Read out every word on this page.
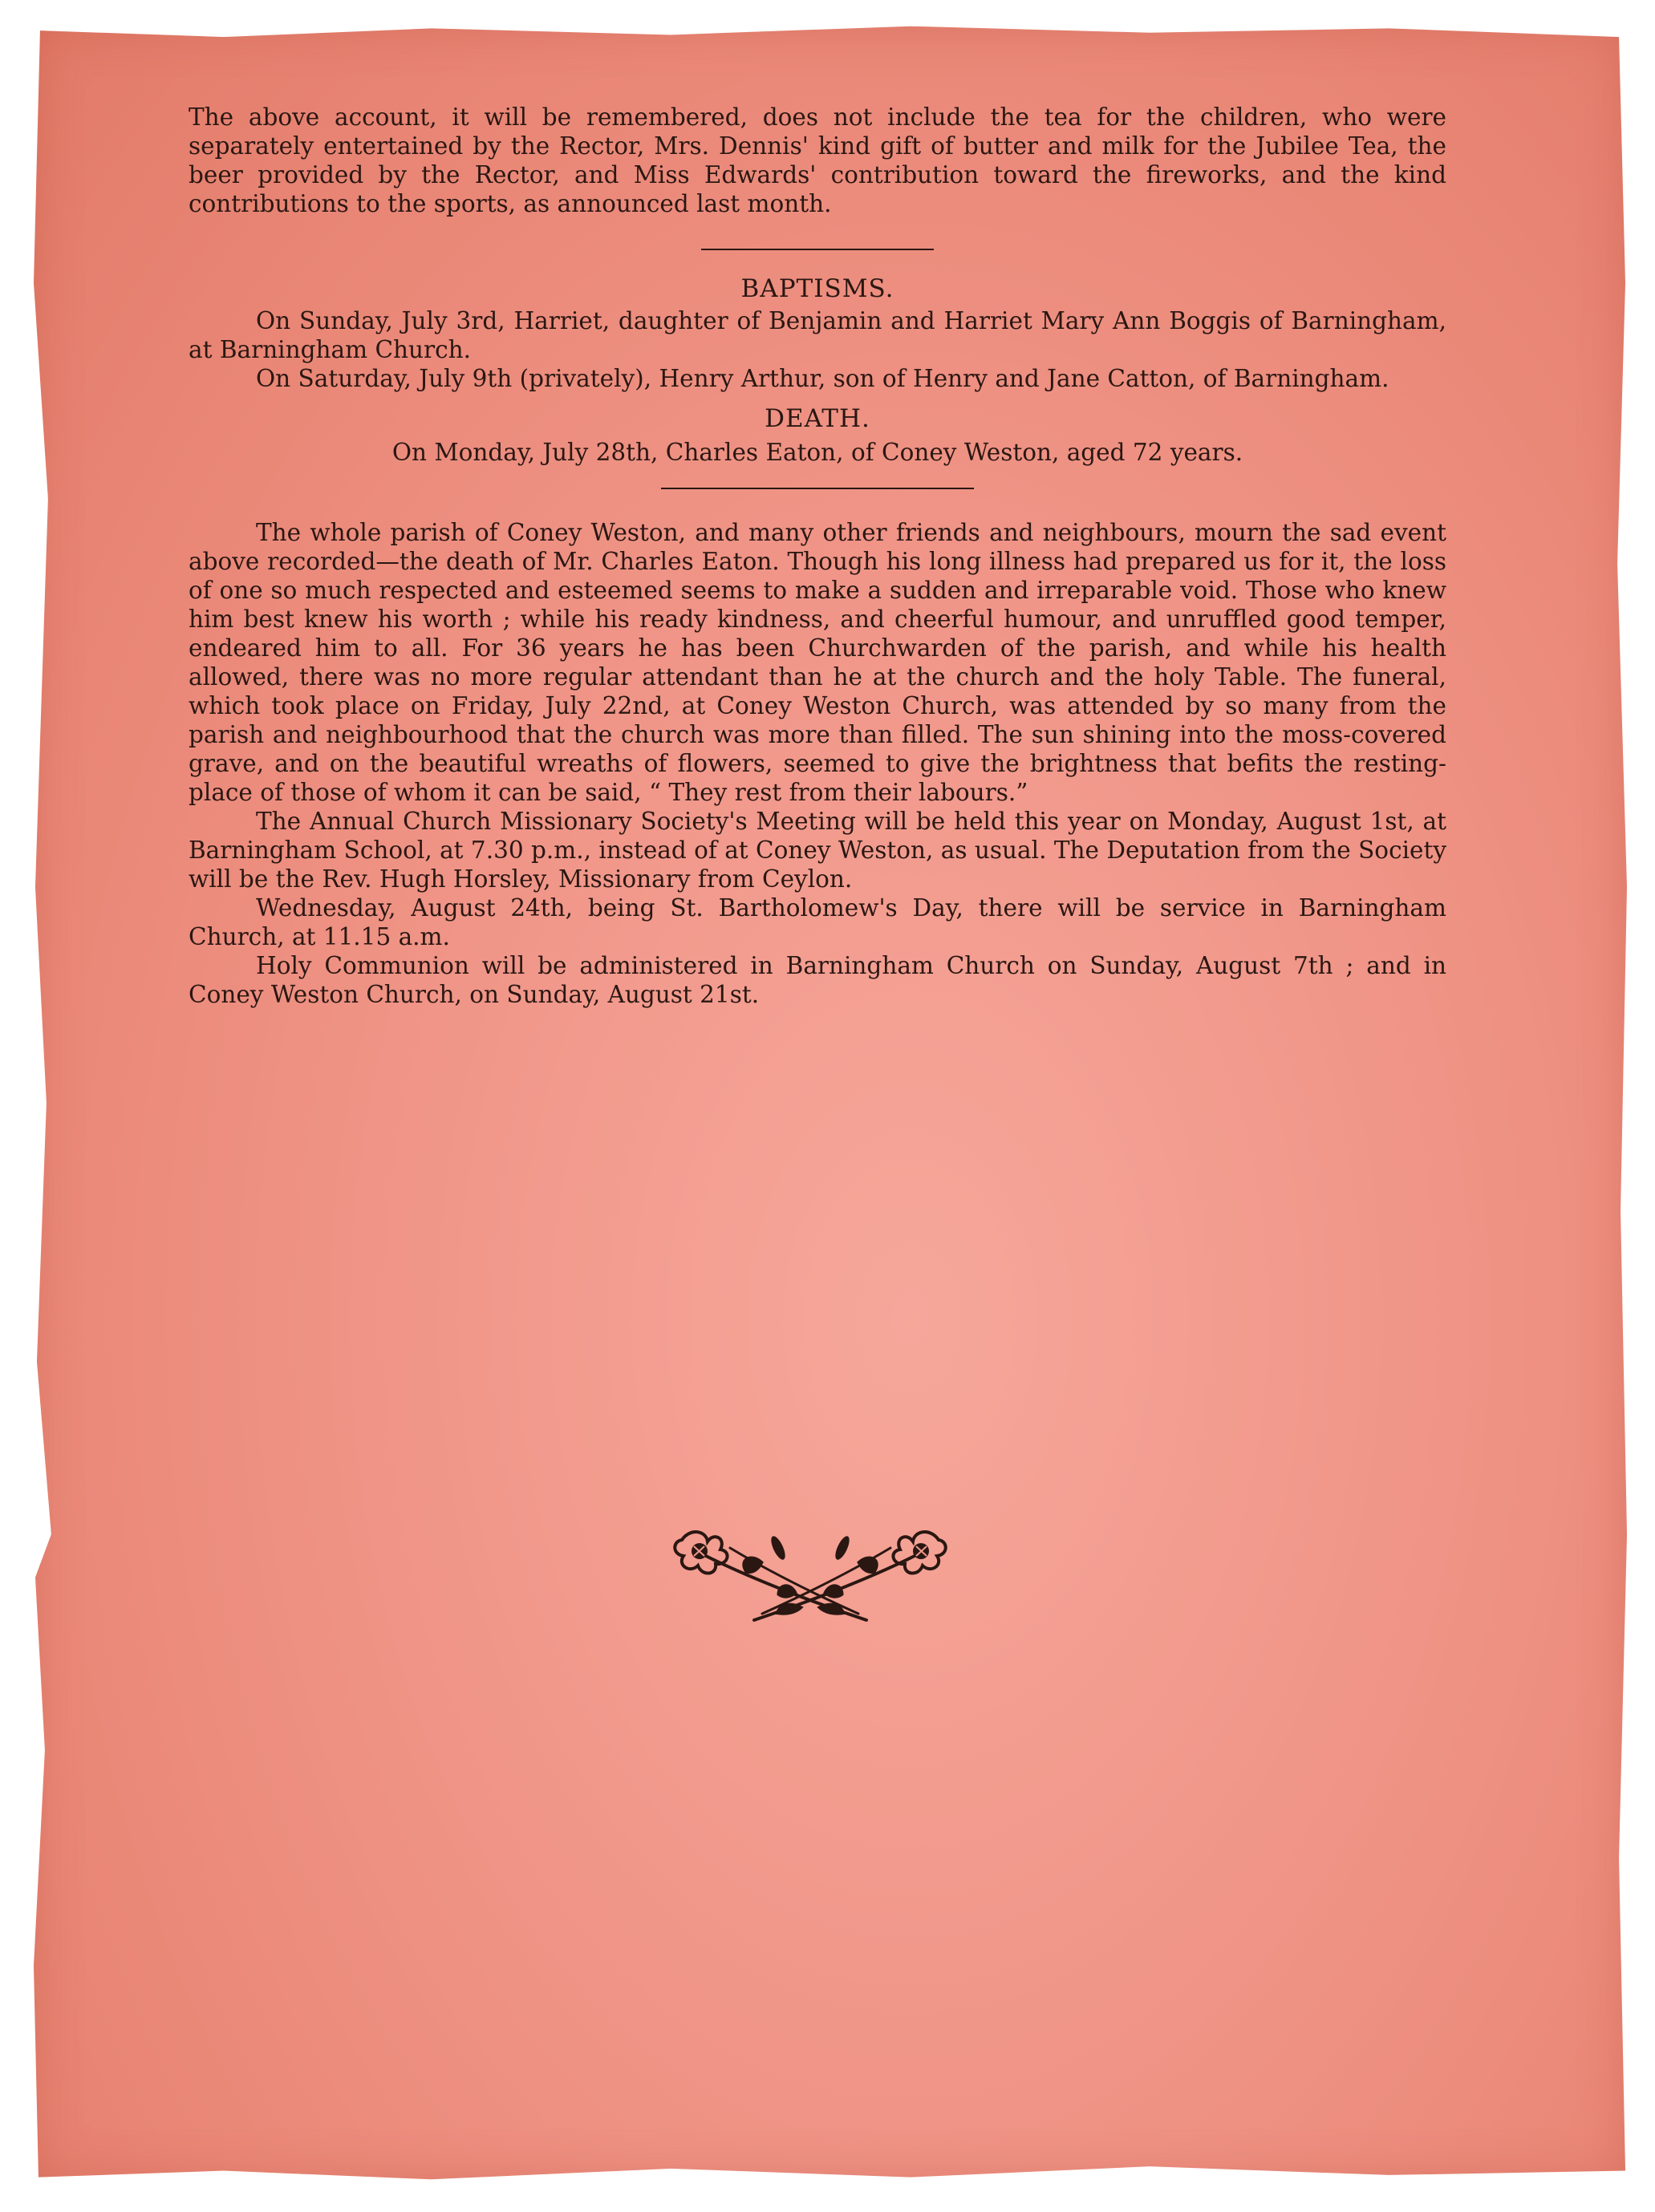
The above account, it will be remembered, does not include the tea for the children, who were separately entertained by the Rector, Mrs. Dennis' kind gift of butter and milk for the Jubilee Tea, the beer provided by the Rector, and Miss Edwards' contribution toward the fireworks, and the kind contributions to the sports, as announced last month.

BAPTISMS.

On Sunday, July 3rd, Harriet, daughter of Benjamin and Harriet Mary Ann Boggis of Barningham, at Barningham Church.

On Saturday, July 9th (privately), Henry Arthur, son of Henry and Jane Catton, of Barningham.

DEATH.

On Monday, July 28th, Charles Eaton, of Coney Weston, aged 72 years.

The whole parish of Coney Weston, and many other friends and neighbours, mourn the sad event above recorded—the death of Mr. Charles Eaton. Though his long illness had prepared us for it, the loss of one so much respected and esteemed seems to make a sudden and irreparable void. Those who knew him best knew his worth ; while his ready kindness, and cheerful humour, and unruffled good temper, endeared him to all. For 36 years he has been Churchwarden of the parish, and while his health allowed, there was no more regular attendant than he at the church and the holy Table. The funeral, which took place on Friday, July 22nd, at Coney Weston Church, was attended by so many from the parish and neighbourhood that the church was more than filled. The sun shining into the moss-covered grave, and on the beautiful wreaths of flowers, seemed to give the brightness that befits the resting-place of those of whom it can be said, “ They rest from their labours.”

The Annual Church Missionary Society's Meeting will be held this year on Monday, August 1st, at Barningham School, at 7.30 p.m., instead of at Coney Weston, as usual. The Deputation from the Society will be the Rev. Hugh Horsley, Missionary from Ceylon.

Wednesday, August 24th, being St. Bartholomew's Day, there will be service in Barningham Church, at 11.15 a.m.

Holy Communion will be administered in Barningham Church on Sunday, August 7th ; and in Coney Weston Church, on Sunday, August 21st.
